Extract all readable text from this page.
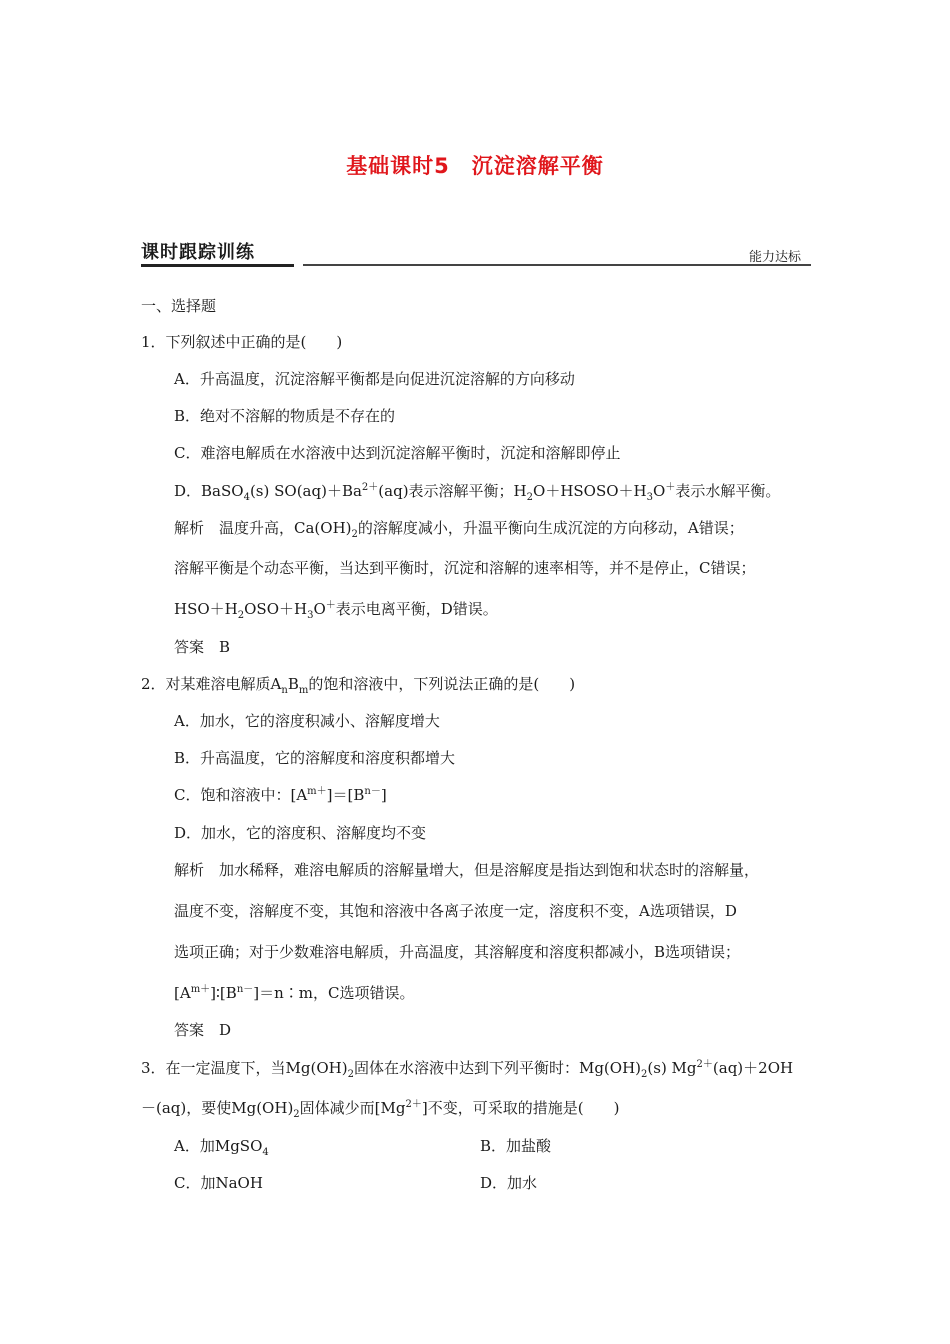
基础课时5　沉淀溶解平衡
课时跟踪训练	能力达标
一、选择题
1．下列叙述中正确的是(　　)
A．升高温度，沉淀溶解平衡都是向促进沉淀溶解的方向移动
B．绝对不溶解的物质是不存在的
C．难溶电解质在水溶液中达到沉淀溶解平衡时，沉淀和溶解即停止
D．BaSO$_4$(s) $SO(aq)+Ba^{2+}(aq)$表示溶解平衡；$H_2O+HSOSO+H_3O^+$表示水解平衡。
解析　温度升高，$Ca(OH)_2$的溶解度减小，升温平衡向生成沉淀的方向移动，A错误；
溶解平衡是个动态平衡，当达到平衡时，沉淀和溶解的速率相等，并不是停止，C错误；
$HSO+H_2OSO+H_3O^+$表示电离平衡，D错误。
答案　B
2．对某难溶电解质$A_nB_m$的饱和溶液中，下列说法正确的是(　　)
A．加水，它的溶度积减小、溶解度增大
B．升高温度，它的溶解度和溶度积都增大
C．饱和溶液中：$[A^{m+}]=[B^{n-}]$
D．加水，它的溶度积、溶解度均不变
解析　加水稀释，难溶电解质的溶解量增大，但是溶解度是指达到饱和状态时的溶解量，
温度不变，溶解度不变，其饱和溶液中各离子浓度一定，溶度积不变，A选项错误，D
选项正确；对于少数难溶电解质，升高温度，其溶解度和溶度积都减小，B选项错误；
$[A^{m+}]∶[B^{n-}]=n∶m$，C选项错误。
答案　D
3．在一定温度下，当$Mg(OH)_2$固体在水溶液中达到下列平衡时：$Mg(OH)_2(s)$ $Mg^{2+}(aq)+2OH$
－(aq)，要使$Mg(OH)_2$固体减少而$[Mg^{2+}]$不变，可采取的措施是(　　)
A．加MgSO$_4$	B．加盐酸
C．加NaOH	D．加水
